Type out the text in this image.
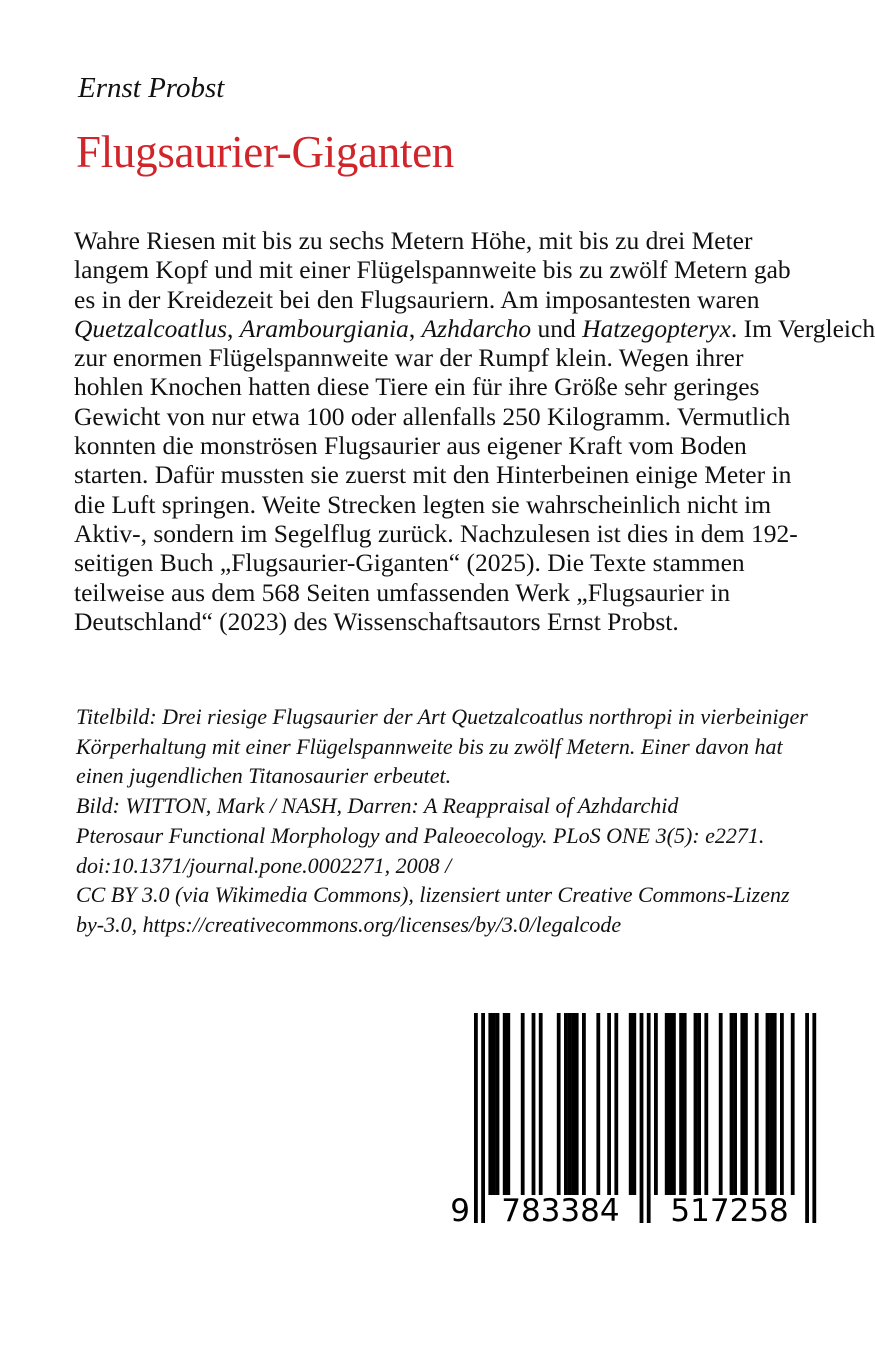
Ernst Probst
Flugsaurier-Giganten
Wahre Riesen mit bis zu sechs Metern Höhe, mit bis zu drei Meter
langem Kopf und mit einer Flügelspannweite bis zu zwölf Metern gab
es in der Kreidezeit bei den Flugsauriern. Am imposantesten waren
Quetzalcoatlus, Arambourgiania, Azhdarcho und Hatzegopteryx. Im Vergleich
zur enormen Flügelspannweite war der Rumpf klein. Wegen ihrer
hohlen Knochen hatten diese Tiere ein für ihre Größe sehr geringes
Gewicht von nur etwa 100 oder allenfalls 250 Kilogramm. Vermutlich
konnten die monströsen Flugsaurier aus eigener Kraft vom Boden
starten. Dafür mussten sie zuerst mit den Hinterbeinen einige Meter in
die Luft springen. Weite Strecken legten sie wahrscheinlich nicht im
Aktiv-, sondern im Segelflug zurück. Nachzulesen ist dies in dem 192-
seitigen Buch „Flugsaurier-Giganten“ (2025). Die Texte stammen
teilweise aus dem 568 Seiten umfassenden Werk „Flugsaurier in
Deutschland“ (2023) des Wissenschaftsautors Ernst Probst.
Titelbild: Drei riesige Flugsaurier der Art Quetzalcoatlus northropi in vierbeiniger
Körperhaltung mit einer Flügelspannweite bis zu zwölf Metern. Einer davon hat
einen jugendlichen Titanosaurier erbeutet.
Bild: WITTON, Mark / NASH, Darren: A Reappraisal of Azhdarchid
Pterosaur Functional Morphology and Paleoecology. PLoS ONE 3(5): e2271.
doi:10.1371/journal.pone.0002271, 2008 /
CC BY 3.0 (via Wikimedia Commons), lizensiert unter Creative Commons-Lizenz
by-3.0, https://creativecommons.org/licenses/by/3.0/legalcode
9 783384 517258
